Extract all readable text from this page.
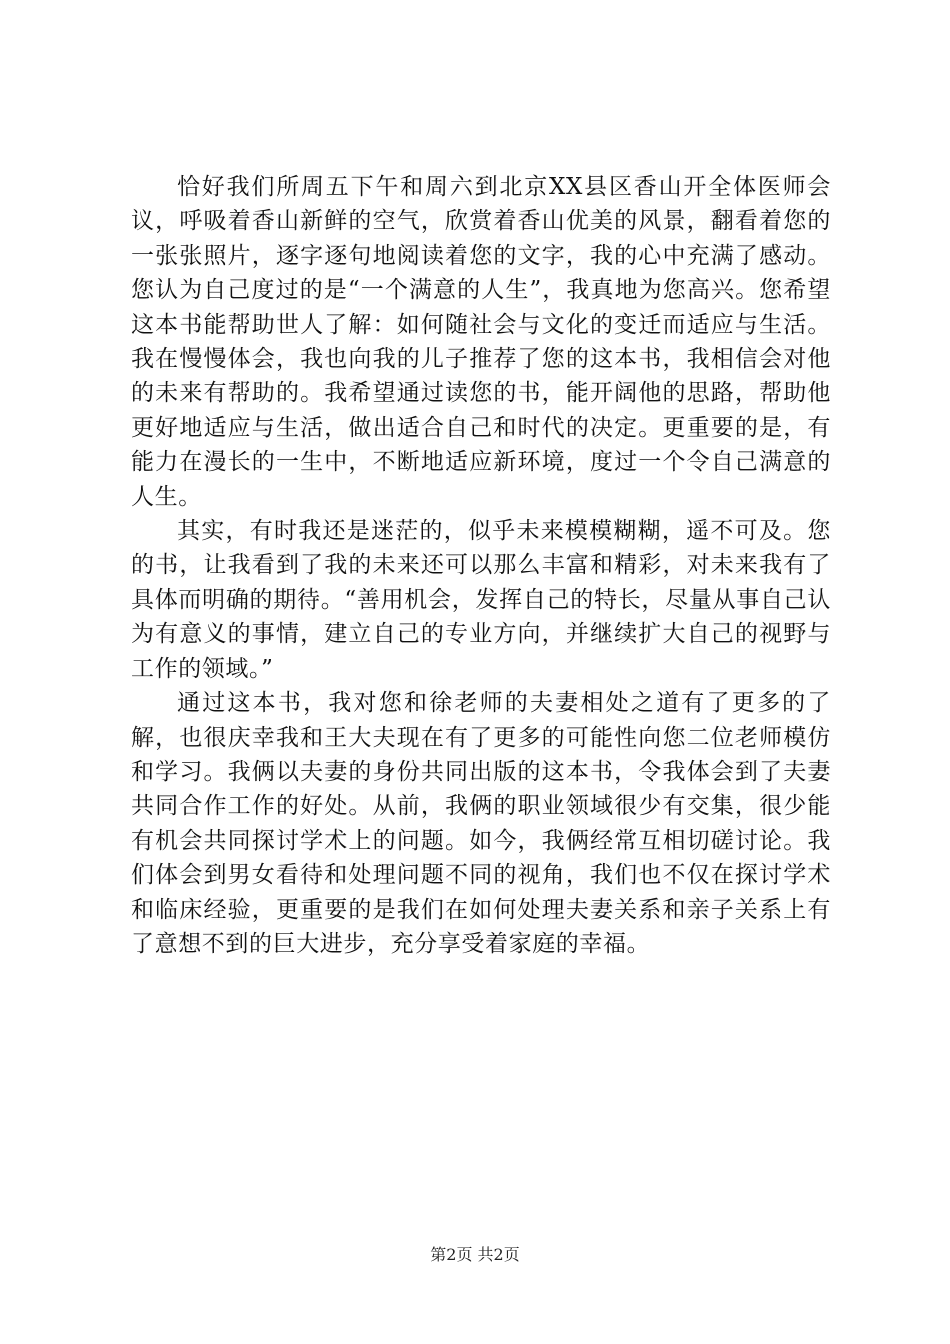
恰好我们所周五下午和周六到北京XX县区香山开全体医师会议，呼吸着香山新鲜的空气，欣赏着香山优美的风景，翻看着您的一张张照片，逐字逐句地阅读着您的文字，我的心中充满了感动。您认为自己度过的是“一个满意的人生”，我真地为您高兴。您希望这本书能帮助世人了解：如何随社会与文化的变迁而适应与生活。我在慢慢体会，我也向我的儿子推荐了您的这本书，我相信会对他的未来有帮助的。我希望通过读您的书，能开阔他的思路，帮助他更好地适应与生活，做出适合自己和时代的决定。更重要的是，有能力在漫长的一生中，不断地适应新环境，度过一个令自己满意的人生。

其实，有时我还是迷茫的，似乎未来模模糊糊，遥不可及。您的书，让我看到了我的未来还可以那么丰富和精彩，对未来我有了具体而明确的期待。“善用机会，发挥自己的特长，尽量从事自己认为有意义的事情，建立自己的专业方向，并继续扩大自己的视野与工作的领域。”

通过这本书，我对您和徐老师的夫妻相处之道有了更多的了解，也很庆幸我和王大夫现在有了更多的可能性向您二位老师模仿和学习。我俩以夫妻的身份共同出版的这本书，令我体会到了夫妻共同合作工作的好处。从前，我俩的职业领域很少有交集，很少能有机会共同探讨学术上的问题。如今，我俩经常互相切磋讨论。我们体会到男女看待和处理问题不同的视角，我们也不仅在探讨学术和临床经验，更重要的是我们在如何处理夫妻关系和亲子关系上有了意想不到的巨大进步，充分享受着家庭的幸福。

第2页 共2页
